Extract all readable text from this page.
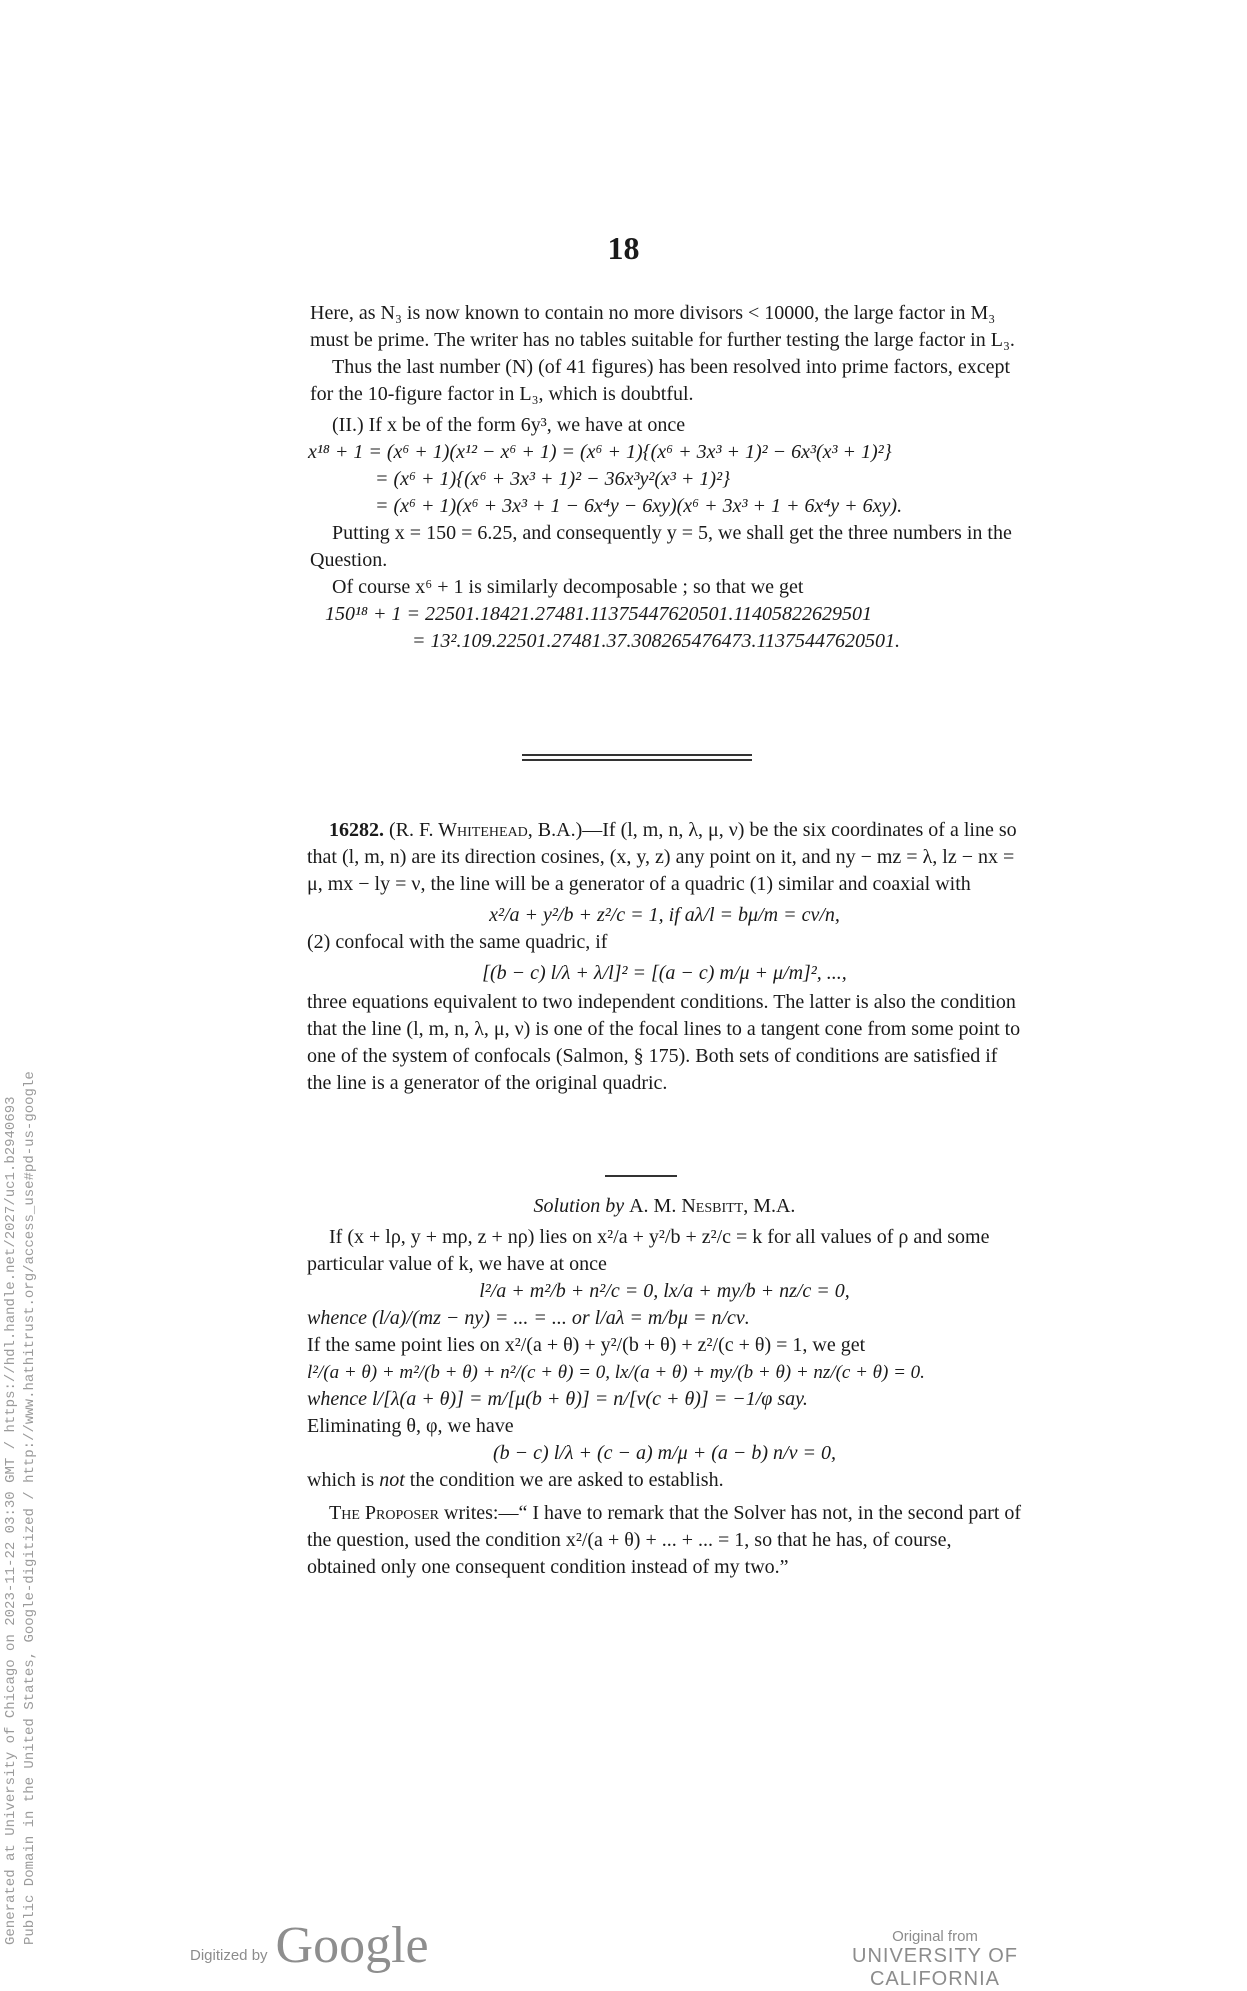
18

Here, as N₃ is now known to contain no more divisors < 10000, the large factor in M₃ must be prime. The writer has no tables suitable for further testing the large factor in L₃.

Thus the last number (N) (of 41 figures) has been resolved into prime factors, except for the 10-figure factor in L₃, which is doubtful.

(II.) If x be of the form 6y³, we have at once

x¹⁸ + 1 = (x⁶ + 1)(x¹² − x⁶ + 1) = (x⁶ + 1){(x⁶ + 3x³ + 1)² − 6x³(x³ + 1)²}

= (x⁶ + 1){(x⁶ + 3x³ + 1)² − 36x³y²(x³ + 1)²}

= (x⁶ + 1)(x⁶ + 3x³ + 1 − 6x⁴y − 6xy)(x⁶ + 3x³ + 1 + 6x⁴y + 6xy).

Putting x = 150 = 6.25, and consequently y = 5, we shall get the three numbers in the Question.

Of course x⁶ + 1 is similarly decomposable ; so that we get

150¹⁸ + 1 = 22501.18421.27481.11375447620501.11405822629501

= 13².109.22501.27481.37.308265476473.11375447620501.

16282. (R. F. Whitehead, B.A.)—If (l, m, n, λ, μ, ν) be the six coordinates of a line so that (l, m, n) are its direction cosines, (x, y, z) any point on it, and ny − mz = λ, lz − nx = μ, mx − ly = ν, the line will be a generator of a quadric (1) similar and coaxial with

x²/a + y²/b + z²/c = 1, if aλ/l = bμ/m = cν/n,

(2) confocal with the same quadric, if

[(b − c) l/λ + λ/l]² = [(a − c) m/μ + μ/m]², ...,

three equations equivalent to two independent conditions. The latter is also the condition that the line (l, m, n, λ, μ, ν) is one of the focal lines to a tangent cone from some point to one of the system of confocals (Salmon, § 175). Both sets of conditions are satisfied if the line is a generator of the original quadric.

Solution by A. M. Nesbitt, M.A.

If (x + lρ, y + mρ, z + nρ) lies on x²/a + y²/b + z²/c = k for all values of ρ and some particular value of k, we have at once

l²/a + m²/b + n²/c = 0, lx/a + my/b + nz/c = 0,

whence (l/a)/(mz − ny) = ... = ... or l/aλ = m/bμ = n/cν.

If the same point lies on x²/(a + θ) + y²/(b + θ) + z²/(c + θ) = 1, we get

l²/(a + θ) + m²/(b + θ) + n²/(c + θ) = 0, lx/(a + θ) + my/(b + θ) + nz/(c + θ) = 0.

whence l/[λ(a + θ)] = m/[μ(b + θ)] = n/[ν(c + θ)] = −1/φ say.

Eliminating θ, φ, we have

(b − c) l/λ + (c − a) m/μ + (a − b) n/ν = 0,

which is not the condition we are asked to establish.

The Proposer writes:—“ I have to remark that the Solver has not, in the second part of the question, used the condition x²/(a + θ) + ... + ... = 1, so that he has, of course, obtained only one consequent condition instead of my two.”

Generated at University of Chicago on 2023-11-22 03:30 GMT / https://hdl.handle.net/2027/uc1.b2940693 Public Domain in the United States, Google-digitized / http://www.hathitrust.org/access_use#pd-us-google
Digitized by Google	Original from
UNIVERSITY OF CALIFORNIA
